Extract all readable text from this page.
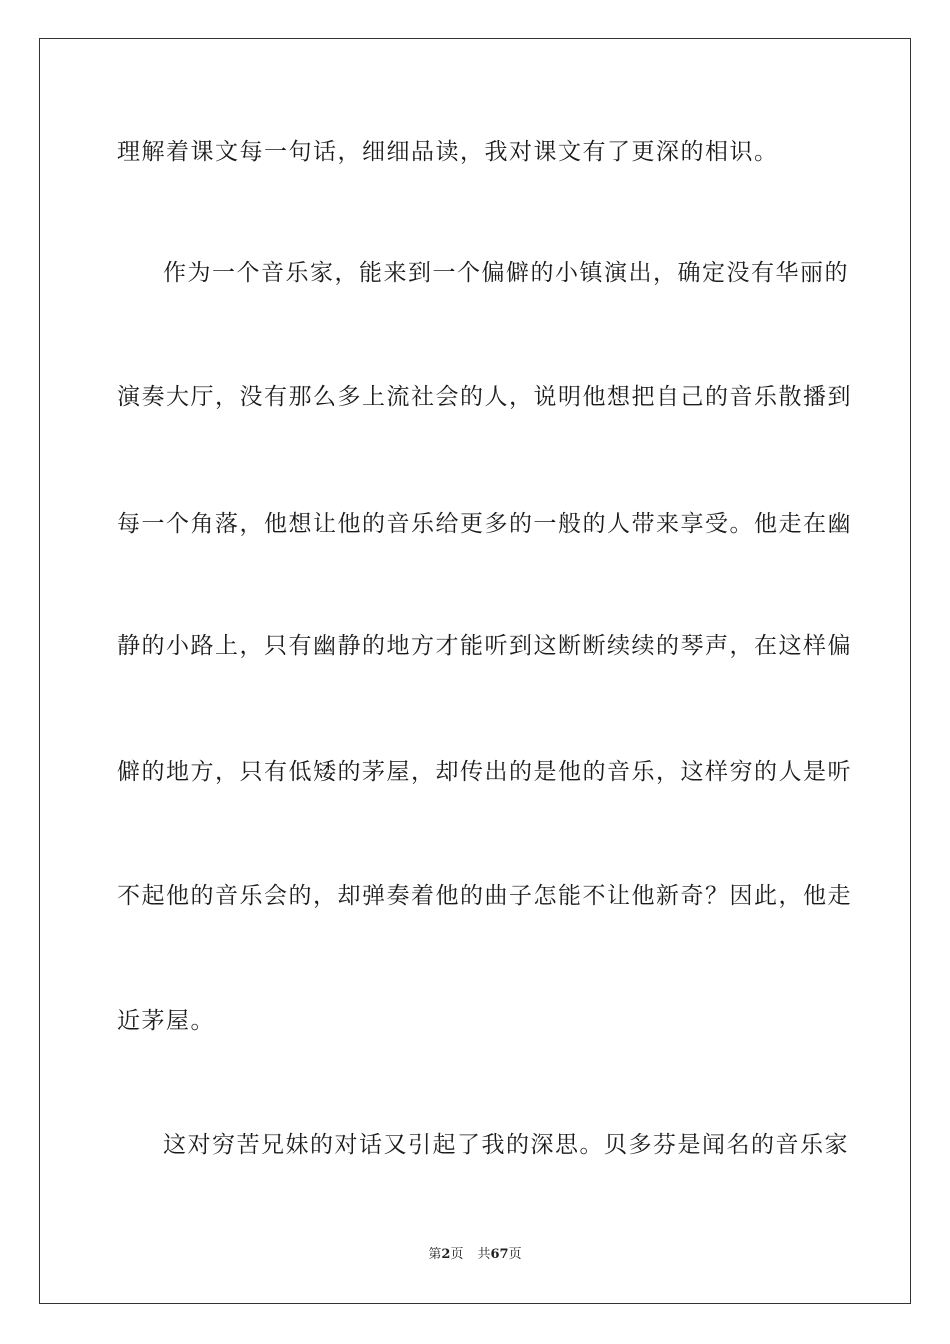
理解着课文每一句话，细细品读，我对课文有了更深的相识。
作为一个音乐家，能来到一个偏僻的小镇演出，确定没有华丽的
演奏大厅，没有那么多上流社会的人，说明他想把自己的音乐散播到
每一个角落，他想让他的音乐给更多的一般的人带来享受。他走在幽
静的小路上，只有幽静的地方才能听到这断断续续的琴声，在这样偏
僻的地方，只有低矮的茅屋，却传出的是他的音乐，这样穷的人是听
不起他的音乐会的，却弹奏着他的曲子怎能不让他新奇？因此，他走
近茅屋。
这对穷苦兄妹的对话又引起了我的深思。贝多芬是闻名的音乐家
第2页 共67页
